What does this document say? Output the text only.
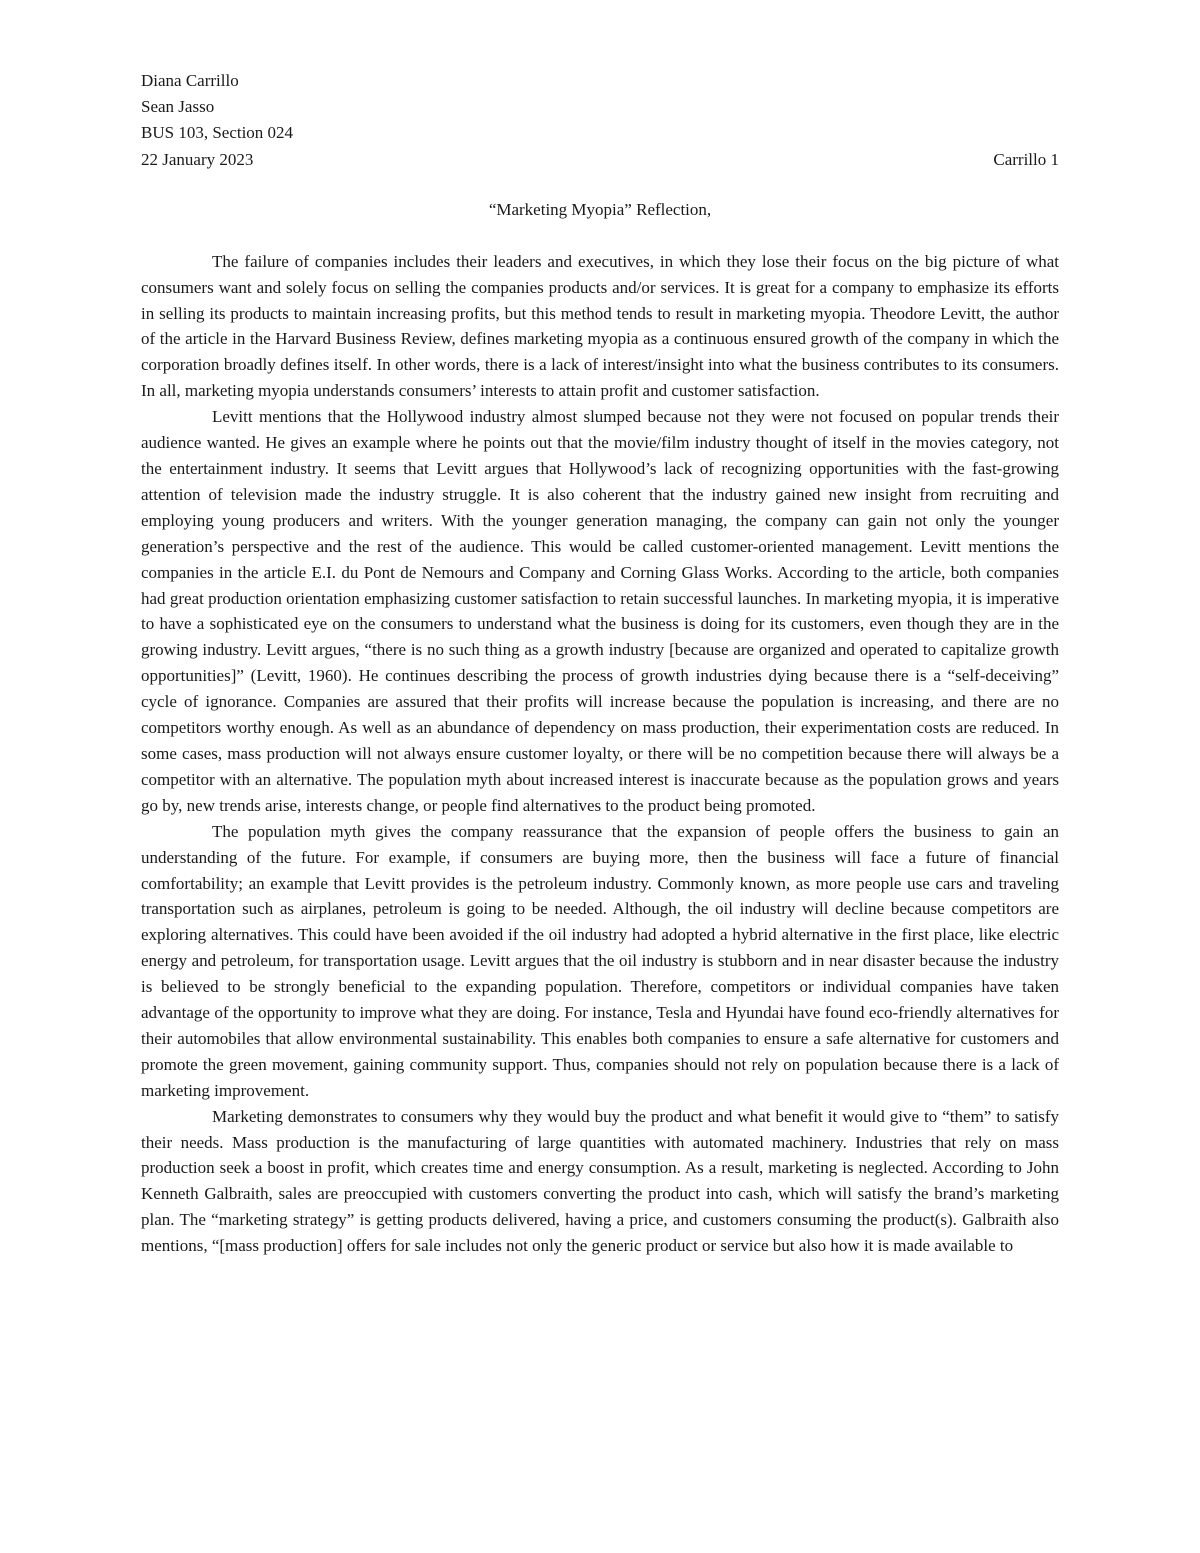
Diana Carrillo
Sean Jasso
BUS 103, Section 024
22 January 2023	Carrillo 1
“Marketing Myopia” Reflection,

The failure of companies includes their leaders and executives, in which they lose their focus on the big picture of what consumers want and solely focus on selling the companies products and/or services. It is great for a company to emphasize its efforts in selling its products to maintain increasing profits, but this method tends to result in marketing myopia. Theodore Levitt, the author of the article in the Harvard Business Review, defines marketing myopia as a continuous ensured growth of the company in which the corporation broadly defines itself. In other words, there is a lack of interest/insight into what the business contributes to its consumers. In all, marketing myopia understands consumers’ interests to attain profit and customer satisfaction.

Levitt mentions that the Hollywood industry almost slumped because not they were not focused on popular trends their audience wanted. He gives an example where he points out that the movie/film industry thought of itself in the movies category, not the entertainment industry. It seems that Levitt argues that Hollywood’s lack of recognizing opportunities with the fast-growing attention of television made the industry struggle. It is also coherent that the industry gained new insight from recruiting and employing young producers and writers. With the younger generation managing, the company can gain not only the younger generation’s perspective and the rest of the audience. This would be called customer-oriented management. Levitt mentions the companies in the article E.I. du Pont de Nemours and Company and Corning Glass Works. According to the article, both companies had great production orientation emphasizing customer satisfaction to retain successful launches. In marketing myopia, it is imperative to have a sophisticated eye on the consumers to understand what the business is doing for its customers, even though they are in the growing industry. Levitt argues, “there is no such thing as a growth industry [because are organized and operated to capitalize growth opportunities]” (Levitt, 1960). He continues describing the process of growth industries dying because there is a “self-deceiving” cycle of ignorance. Companies are assured that their profits will increase because the population is increasing, and there are no competitors worthy enough. As well as an abundance of dependency on mass production, their experimentation costs are reduced. In some cases, mass production will not always ensure customer loyalty, or there will be no competition because there will always be a competitor with an alternative. The population myth about increased interest is inaccurate because as the population grows and years go by, new trends arise, interests change, or people find alternatives to the product being promoted.

The population myth gives the company reassurance that the expansion of people offers the business to gain an understanding of the future. For example, if consumers are buying more, then the business will face a future of financial comfortability; an example that Levitt provides is the petroleum industry. Commonly known, as more people use cars and traveling transportation such as airplanes, petroleum is going to be needed. Although, the oil industry will decline because competitors are exploring alternatives. This could have been avoided if the oil industry had adopted a hybrid alternative in the first place, like electric energy and petroleum, for transportation usage. Levitt argues that the oil industry is stubborn and in near disaster because the industry is believed to be strongly beneficial to the expanding population. Therefore, competitors or individual companies have taken advantage of the opportunity to improve what they are doing. For instance, Tesla and Hyundai have found eco-friendly alternatives for their automobiles that allow environmental sustainability. This enables both companies to ensure a safe alternative for customers and promote the green movement, gaining community support. Thus, companies should not rely on population because there is a lack of marketing improvement.

Marketing demonstrates to consumers why they would buy the product and what benefit it would give to “them” to satisfy their needs. Mass production is the manufacturing of large quantities with automated machinery. Industries that rely on mass production seek a boost in profit, which creates time and energy consumption. As a result, marketing is neglected. According to John Kenneth Galbraith, sales are preoccupied with customers converting the product into cash, which will satisfy the brand’s marketing plan. The “marketing strategy” is getting products delivered, having a price, and customers consuming the product(s). Galbraith also mentions, “[mass production] offers for sale includes not only the generic product or service but also how it is made available to
